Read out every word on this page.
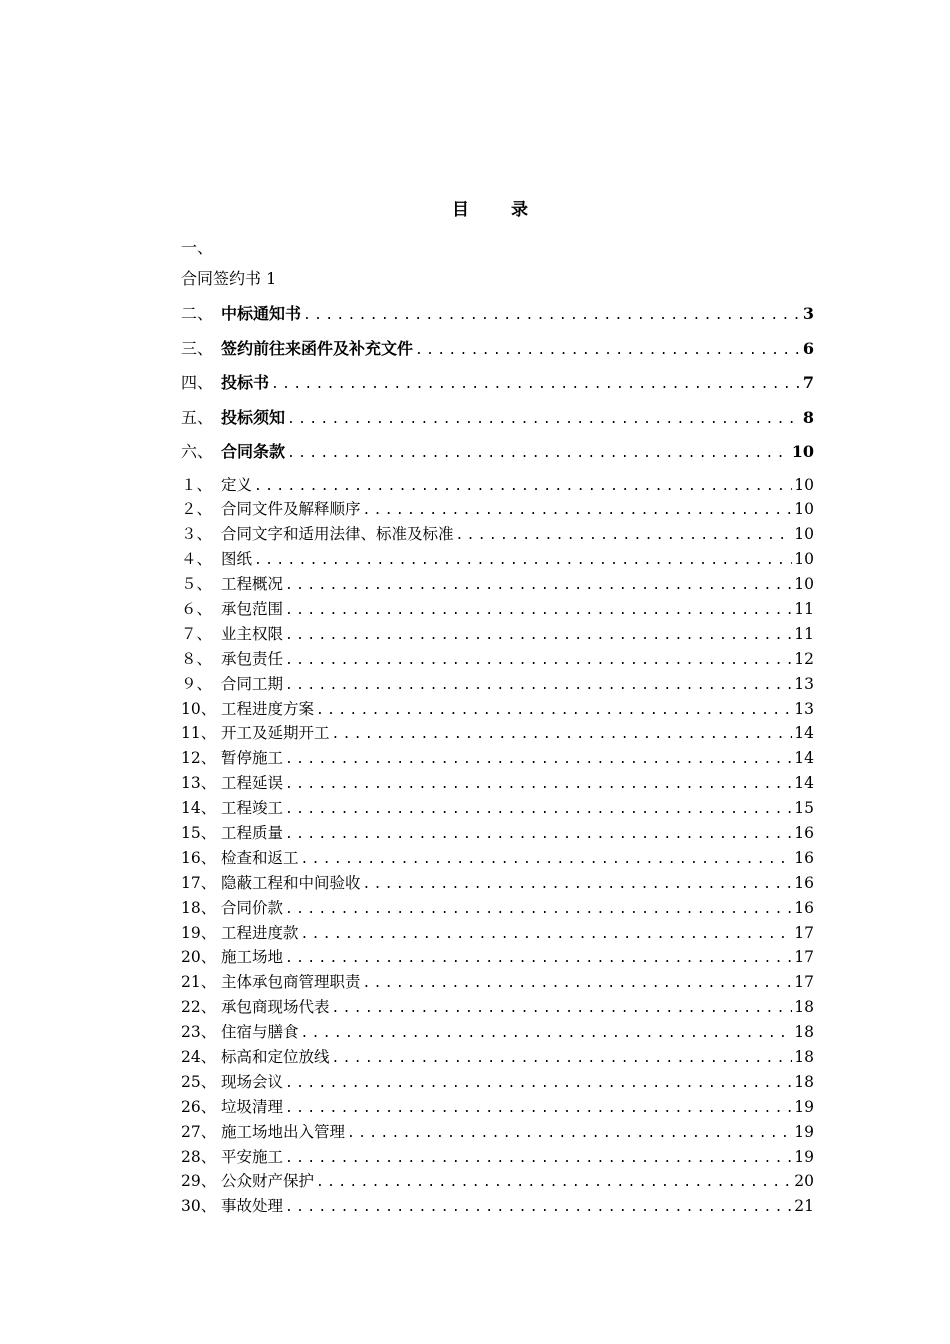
目 录
一、
合同签约书 1
二、 中标通知书 .....	3
三、 签约前往来函件及补充文件 .....	6
四、 投标书 .....	7
五、 投标须知 .....	8
六、 合同条款 .....	10
１、 定义 .....	10
２、 合同文件及解释顺序 .....	10
３、 合同文字和适用法律、标准及标准 .....	10
４、 图纸 .....	10
５、 工程概况 .....	10
６、 承包范围 .....	11
７、 业主权限 .....	11
８、 承包责任 .....	12
９、 合同工期 .....	13
10、 工程进度方案 .....	13
11、 开工及延期开工 .....	14
12、 暂停施工 .....	14
13、 工程延误 .....	14
14、 工程竣工 .....	15
15、 工程质量 .....	16
16、 检查和返工 .....	16
17、 隐蔽工程和中间验收 .....	16
18、 合同价款 .....	16
19、 工程进度款 .....	17
20、 施工场地 .....	17
21、 主体承包商管理职责 .....	17
22、 承包商现场代表 .....	18
23、 住宿与膳食 .....	18
24、 标高和定位放线 .....	18
25、 现场会议 .....	18
26、 垃圾清理 .....	19
27、 施工场地出入管理 .....	19
28、 平安施工 .....	19
29、 公众财产保护 .....	20
30、 事故处理 .....	21
